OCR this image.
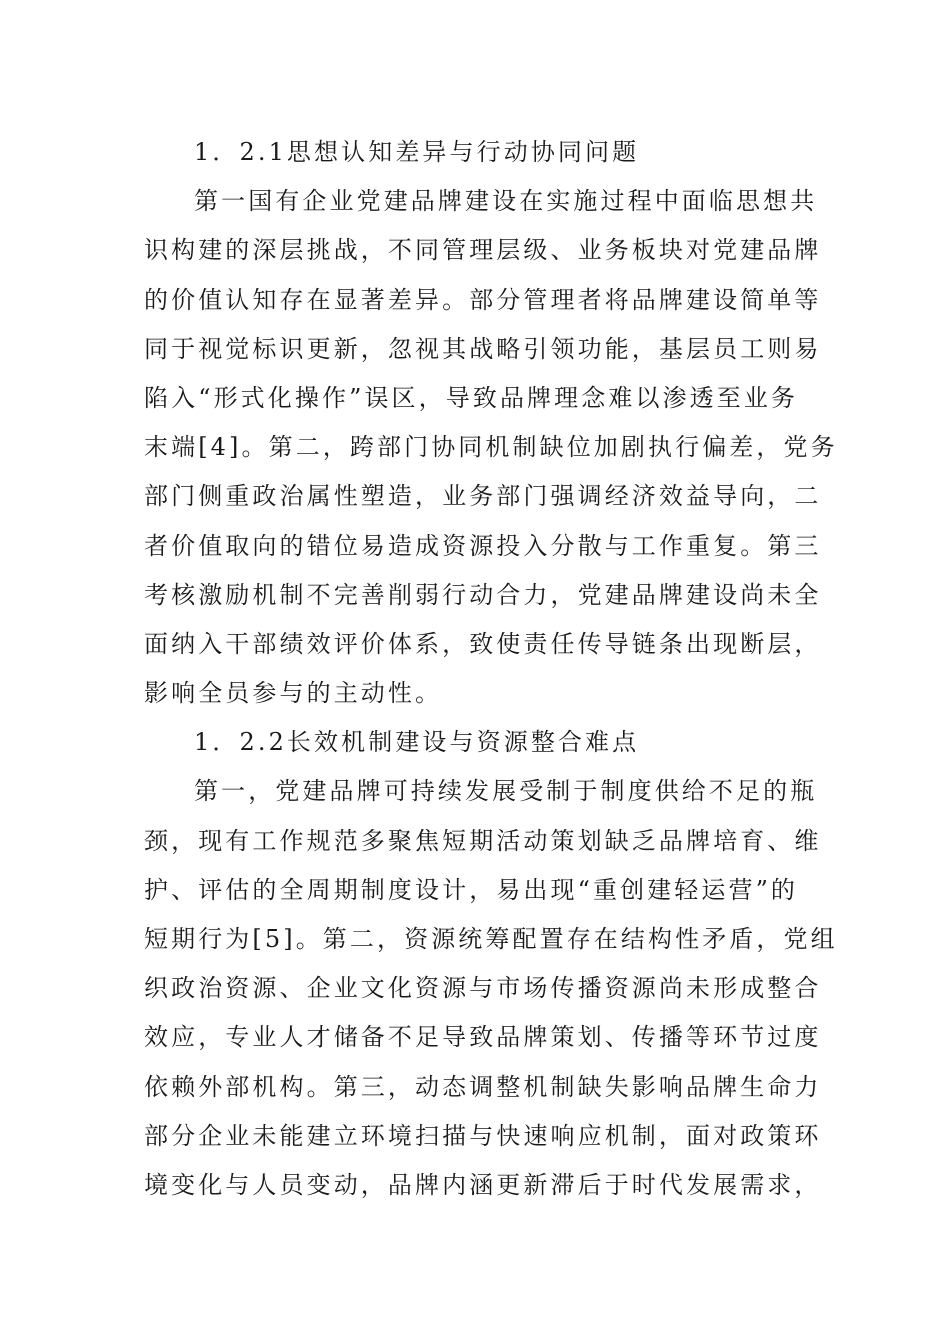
1．2.1思想认知差异与行动协同问题
第一国有企业党建品牌建设在实施过程中面临思想共
识构建的深层挑战，不同管理层级、业务板块对党建品牌
的价值认知存在显著差异。部分管理者将品牌建设简单等
同于视觉标识更新，忽视其战略引领功能，基层员工则易
陷入“形式化操作”误区，导致品牌理念难以渗透至业务
末端[4]。第二，跨部门协同机制缺位加剧执行偏差，党务
部门侧重政治属性塑造，业务部门强调经济效益导向，二
者价值取向的错位易造成资源投入分散与工作重复。第三
考核激励机制不完善削弱行动合力，党建品牌建设尚未全
面纳入干部绩效评价体系，致使责任传导链条出现断层，
影响全员参与的主动性。
1．2.2长效机制建设与资源整合难点
第一，党建品牌可持续发展受制于制度供给不足的瓶
颈，现有工作规范多聚焦短期活动策划缺乏品牌培育、维
护、评估的全周期制度设计，易出现“重创建轻运营”的
短期行为[5]。第二，资源统筹配置存在结构性矛盾，党组
织政治资源、企业文化资源与市场传播资源尚未形成整合
效应，专业人才储备不足导致品牌策划、传播等环节过度
依赖外部机构。第三，动态调整机制缺失影响品牌生命力
部分企业未能建立环境扫描与快速响应机制，面对政策环
境变化与人员变动，品牌内涵更新滞后于时代发展需求，
